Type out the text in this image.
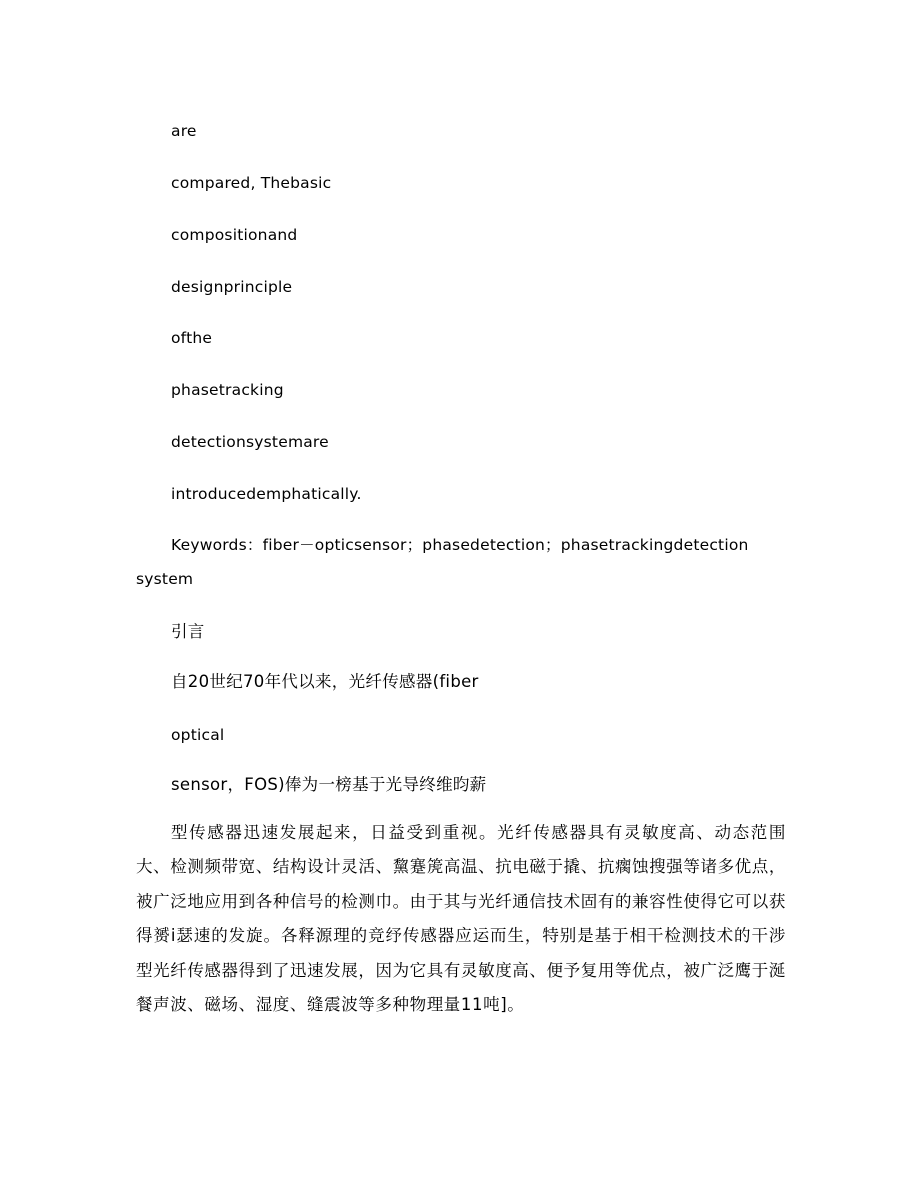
are
compared, Thebasic
compositionand
designprinciple
ofthe
phasetracking
detectionsystemare
introducedemphatically.
Keywords：fiber－opticsensor；phasedetection；phasetrackingdetection system
引言
自20世纪70年代以来，光纤传感器(fiber
optical
sensor，FOS)俸为一榜基于光导终维昀薪
型传感器迅速发展起来，日益受到重视。光纤传感器具有灵敏度高、动态范围大、检测频带宽、结构设计灵活、黧蹇箎高温、抗电磁于撬、抗瘸蚀搜强等诸多优点，被广泛地应用到各种信号的检测巾。由于其与光纤通信技术固有的兼容性使得它可以获得赟i瑟速的发旋。各释源理的竞纾传感器应运而生，特别是基于相干检测技术的干涉型光纤传感器得到了迅速发展，因为它具有灵敏度高、便予复用等优点，被广泛鹰于涎餐声波、磁场、湿度、缝震波等多种物理量11吨]。
